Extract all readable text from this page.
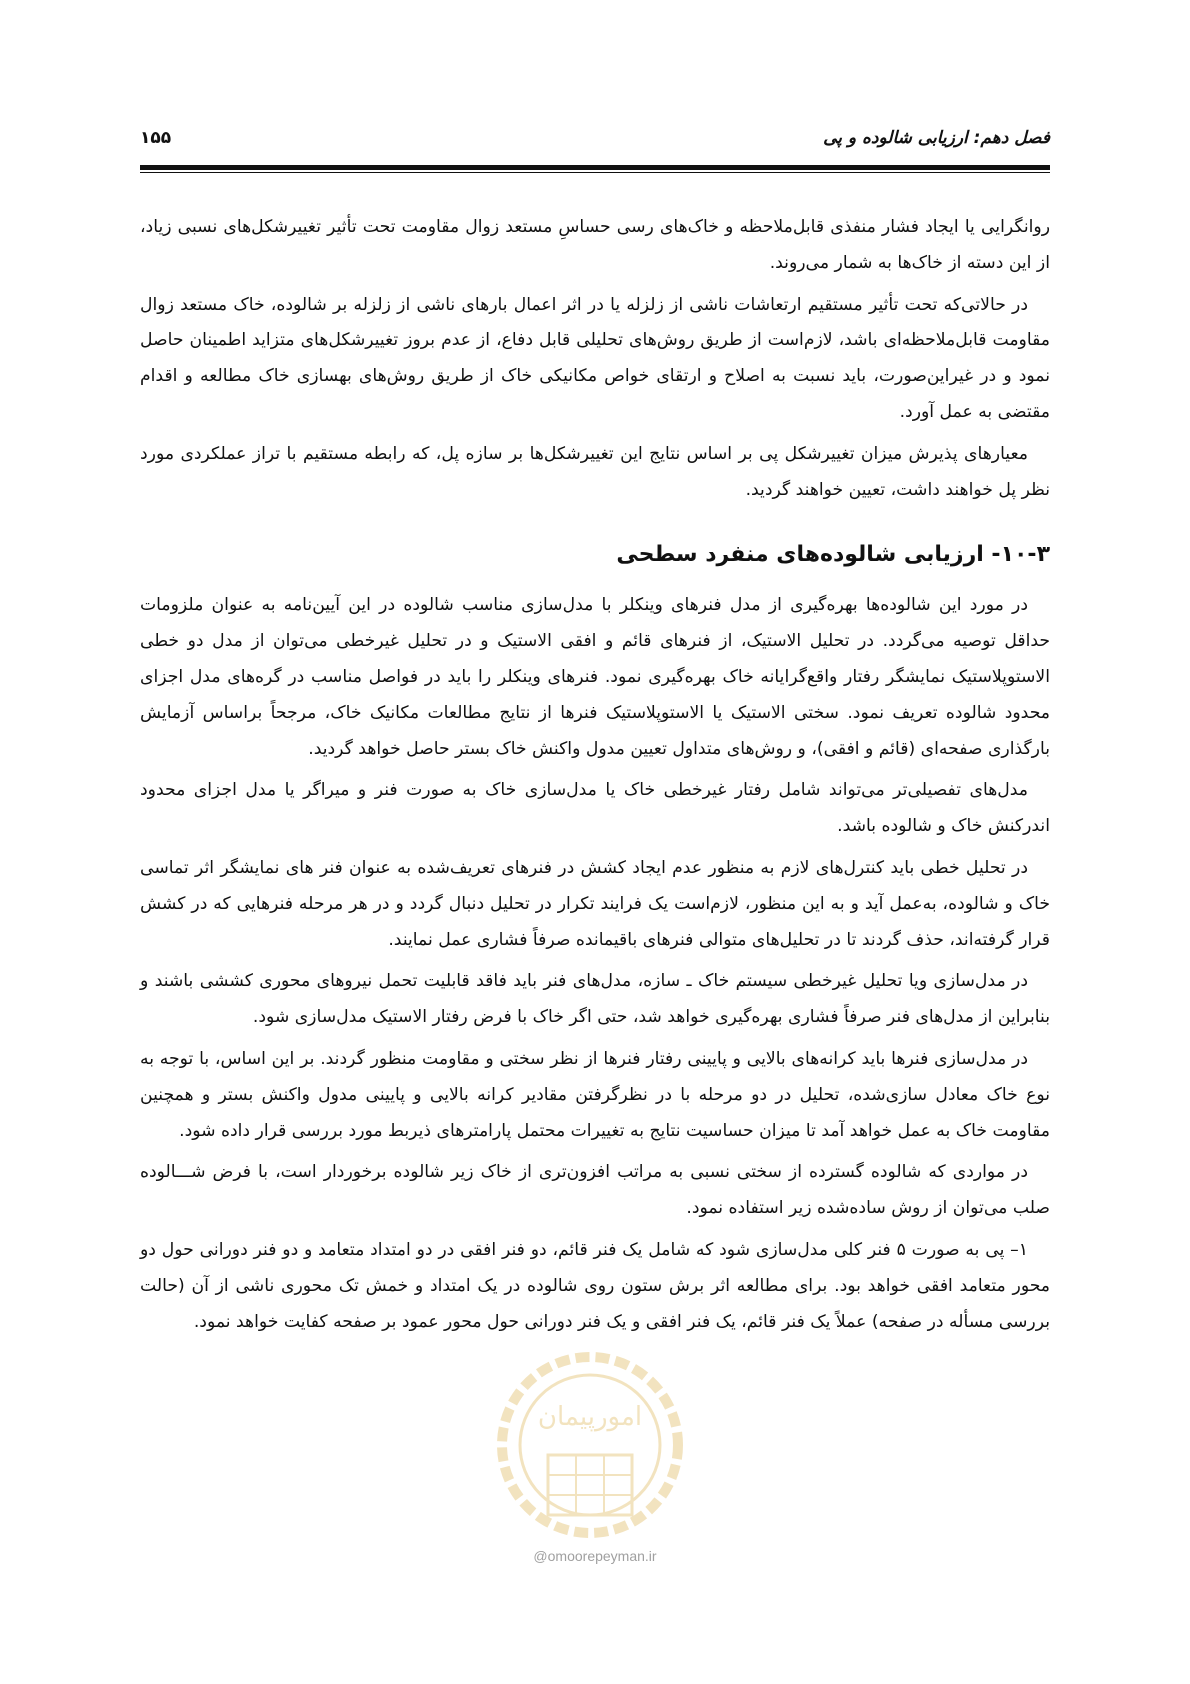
فصل دهم: ارزیابی شالوده و پی
۱۵۵

روانگرایی یا ایجاد فشار منفذی قابل‌ملاحظه و خاک‌های رسی حساسِ مستعد زوال مقاومت تحت تأثیر تغییرشکل‌های نسبی زیاد، از این دسته از خاک‌ها به شمار می‌روند.

در حالاتی‌که تحت تأثیر مستقیم ارتعاشات ناشی از زلزله یا در اثر اعمال بارهای ناشی از زلزله بر شالوده، خاک مستعد زوال مقاومت قابل‌ملاحظه‌ای باشد، لازم‌است از طریق روش‌های تحلیلی قابل دفاع، از عدم بروز تغییرشکل‌های متزاید اطمینان حاصل نمود و در غیراین‌صورت، باید نسبت به اصلاح و ارتقای خواص مکانیکی خاک از طریق روش‌های بهسازی خاک مطالعه و اقدام مقتضی به عمل آورد.

معیارهای پذیرش میزان تغییرشکل پی بر اساس نتایج این تغییرشکل‌ها بر سازه پل، که رابطه مستقیم با تراز عملکردی مورد نظر پل خواهند داشت، تعیین خواهند گردید.

۱۰-۳- ارزیابی شالوده‌های منفرد سطحی

در مورد این شالوده‌ها بهره‌گیری از مدل فنرهای وینکلر با مدل‌سازی مناسب شالوده در این آیین‌نامه به عنوان ملزومات حداقل توصیه می‌گردد. در تحلیل الاستیک، از فنرهای قائم و افقی الاستیک و در تحلیل غیرخطی می‌توان از مدل دو خطی الاستوپلاستیک نمایشگر رفتار واقع‌گرایانه خاک بهره‌گیری نمود. فنرهای وینکلر را باید در فواصل مناسب در گره‌های مدل اجزای محدود شالوده تعریف نمود. سختی الاستیک یا الاستوپلاستیک فنرها از نتایج مطالعات مکانیک خاک، مرجحاً براساس آزمایش بارگذاری صفحه‌ای (قائم و افقی)، و روش‌های متداول تعیین مدول واکنش خاک بستر حاصل خواهد گردید.

مدل‌های تفصیلی‌تر می‌تواند شامل رفتار غیرخطی خاک یا مدل‌سازی خاک به صورت فنر و میراگر یا مدل اجزای محدود اندرکنش خاک و شالوده باشد.

در تحلیل خطی باید کنترل‌های لازم به منظور عدم ایجاد کشش در فنرهای تعریف‌شده به عنوان فنر های نمایشگر اثر تماسی خاک و شالوده، به‌عمل آید و به این منظور، لازم‌است یک فرایند تکرار در تحلیل دنبال گردد و در هر مرحله فنرهایی که در کشش قرار گرفته‌اند، حذف گردند تا در تحلیل‌های متوالی فنرهای باقیمانده صرفاً فشاری عمل نمایند.

در مدل‌سازی ویا تحلیل غیرخطی سیستم خاک ـ سازه، مدل‌های فنر باید فاقد قابلیت تحمل نیروهای محوری کششی باشند و بنابراین از مدل‌های فنر صرفاً فشاری بهره‌گیری خواهد شد، حتی اگر خاک با فرض رفتار الاستیک مدل‌سازی شود.

در مدل‌سازی فنرها باید کرانه‌های بالایی و پایینی رفتار فنرها از نظر سختی و مقاومت منظور گردند. بر این اساس، با توجه به نوع خاک معادل سازی‌شده، تحلیل در دو مرحله با در نظرگرفتن مقادیر کرانه بالایی و پایینی مدول واکنش بستر و همچنین مقاومت خاک به عمل خواهد آمد تا میزان حساسیت نتایج به تغییرات محتمل پارامترهای ذیربط مورد بررسی قرار داده شود.

در مواردی که شالوده گسترده از سختی نسبی به مراتب افزون‌تری از خاک زیر شالوده برخوردار است، با فرض شـــالوده صلب می‌توان از روش ساده‌شده زیر استفاده نمود.

۱– پی به صورت ۵ فنر کلی مدل‌سازی شود که شامل یک فنر قائم، دو فنر افقی در دو امتداد متعامد و دو فنر دورانی حول دو محور متعامد افقی خواهد بود. برای مطالعه اثر برش ستون روی شالوده در یک امتداد و خمش تک محوری ناشی از آن (حالت بررسی مسأله در صفحه) عملاً یک فنر قائم، یک فنر افقی و یک فنر دورانی حول محور عمود بر صفحه کفایت خواهد نمود.

امورپیمان
@omoorepeyman.ir
